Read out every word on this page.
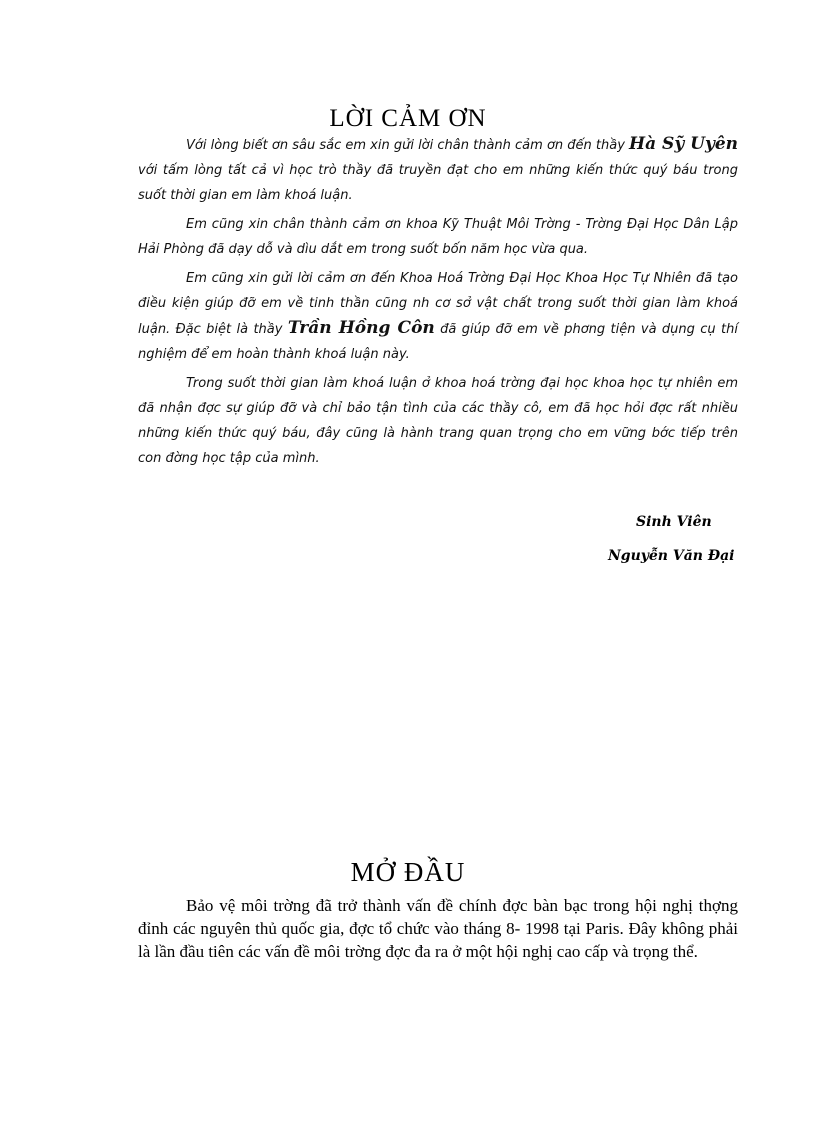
LỜI CẢM ƠN

Với lòng biết ơn sâu sắc em xin gửi lời chân thành cảm ơn đến thầy Hà Sỹ Uyên với tấm lòng tất cả vì học trò thầy đã truyền đạt cho em những kiến thức quý báu trong suốt thời gian em làm khoá luận.

Em cũng xin chân thành cảm ơn khoa Kỹ Thuật Môi Trờng - Trờng Đại Học Dân Lập Hải Phòng đã dạy dỗ và dìu dắt em trong suốt bốn năm học vừa qua.

Em cũng xin gửi lời cảm ơn đến Khoa Hoá Trờng Đại Học Khoa Học Tự Nhiên đã tạo điều kiện giúp đỡ em về tinh thần cũng nh cơ sở vật chất trong suốt thời gian làm khoá luận. Đặc biệt là thầy Trần Hồng Côn đã giúp đỡ em về phơng tiện và dụng cụ thí nghiệm để em hoàn thành khoá luận này.

Trong suốt thời gian làm khoá luận ở khoa hoá trờng đại học khoa học tự nhiên em đã nhận đợc sự giúp đỡ và chỉ bảo tận tình của các thầy cô, em đã học hỏi đợc rất nhiều những kiến thức quý báu, đây cũng là hành trang quan trọng cho em vững bớc tiếp trên con đờng học tập của mình.

Sinh Viên
Nguyễn Văn Đại
MỞ ĐẦU

Bảo vệ môi trờng đã trở thành vấn đề chính đợc bàn bạc trong hội nghị thợng đỉnh các nguyên thủ quốc gia, đợc tổ chức vào tháng 8- 1998 tại Paris. Đây không phải là lần đầu tiên các vấn đề môi trờng đợc đa ra ở một hội nghị cao cấp và trọng thể.
